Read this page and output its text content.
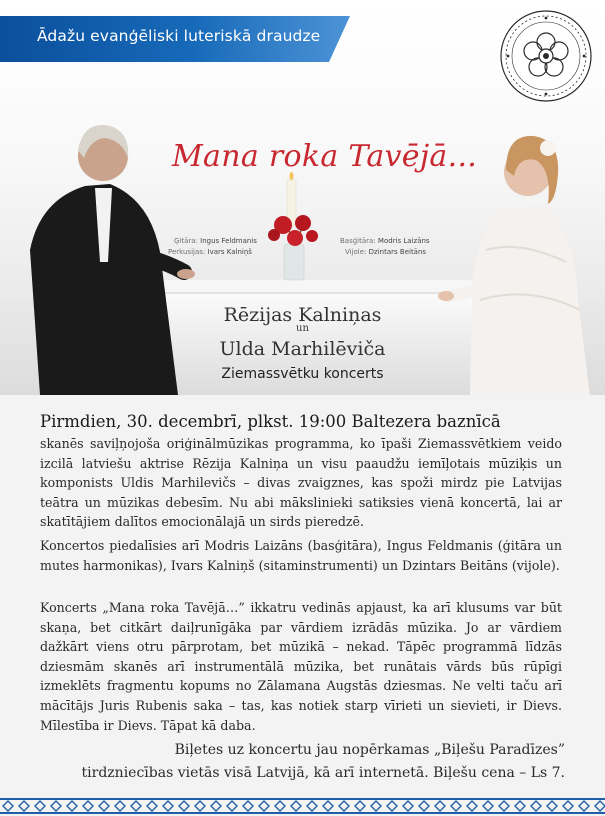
Ādažu evanģēliski luteriskā draudze
Mana roka Tavējā...
Ģitāra: Ingus Feldmanis
Perkusijas: Ivars Kalniņš
Basģitāra: Modris Laizāns
Vijole: Dzintars Beitāns
Rēzijas Kalniņas
un
Ulda Marhilēviča
Ziemassvētku koncerts
Pirmdien, 30. decembrī, plkst. 19:00 Baltezera baznīcā
skanēs saviļņojoša oriģinālmūzikas programma, ko īpaši Ziemassvētkiem veido izcilā latviešu aktrise Rēzija Kalniņa un visu paaudžu iemīļotais mūziķis un komponists Uldis Marhilevičs – divas zvaigznes, kas spoži mirdz pie Latvijas teātra un mūzikas debesīm. Nu abi mākslinieki satiksies vienā koncertā, lai ar skatītājiem dalītos emocionālajā un sirds pieredzē.
Koncertos piedalīsies arī Modris Laizāns (basģitāra), Ingus Feldmanis (ģitāra un mutes harmonikas), Ivars Kalniņš (sitaminstrumenti) un Dzintars Beitāns (vijole).
Koncerts „Mana roka Tavējā…” ikkatru vedinās apjaust, ka arī klusums var būt skaņa, bet citkārt daiļrunīgāka par vārdiem izrādās mūzika. Jo ar vārdiem dažkārt viens otru pārprotam, bet mūzikā – nekad. Tāpēc programmā līdzās dziesmām skanēs arī instrumentālā mūzika, bet runātais vārds būs rūpīgi izmeklēts fragmentu kopums no Zālamana Augstās dziesmas. Ne velti taču arī mācītājs Juris Rubenis saka – tas, kas notiek starp vīrieti un sievieti, ir Dievs. Mīlestība ir Dievs. Tāpat kā daba.
Biļetes uz koncertu jau nopērkamas „Biļešu Paradīzes”
tirdzniecības vietās visā Latvijā, kā arī internetā. Biļešu cena – Ls 7.
